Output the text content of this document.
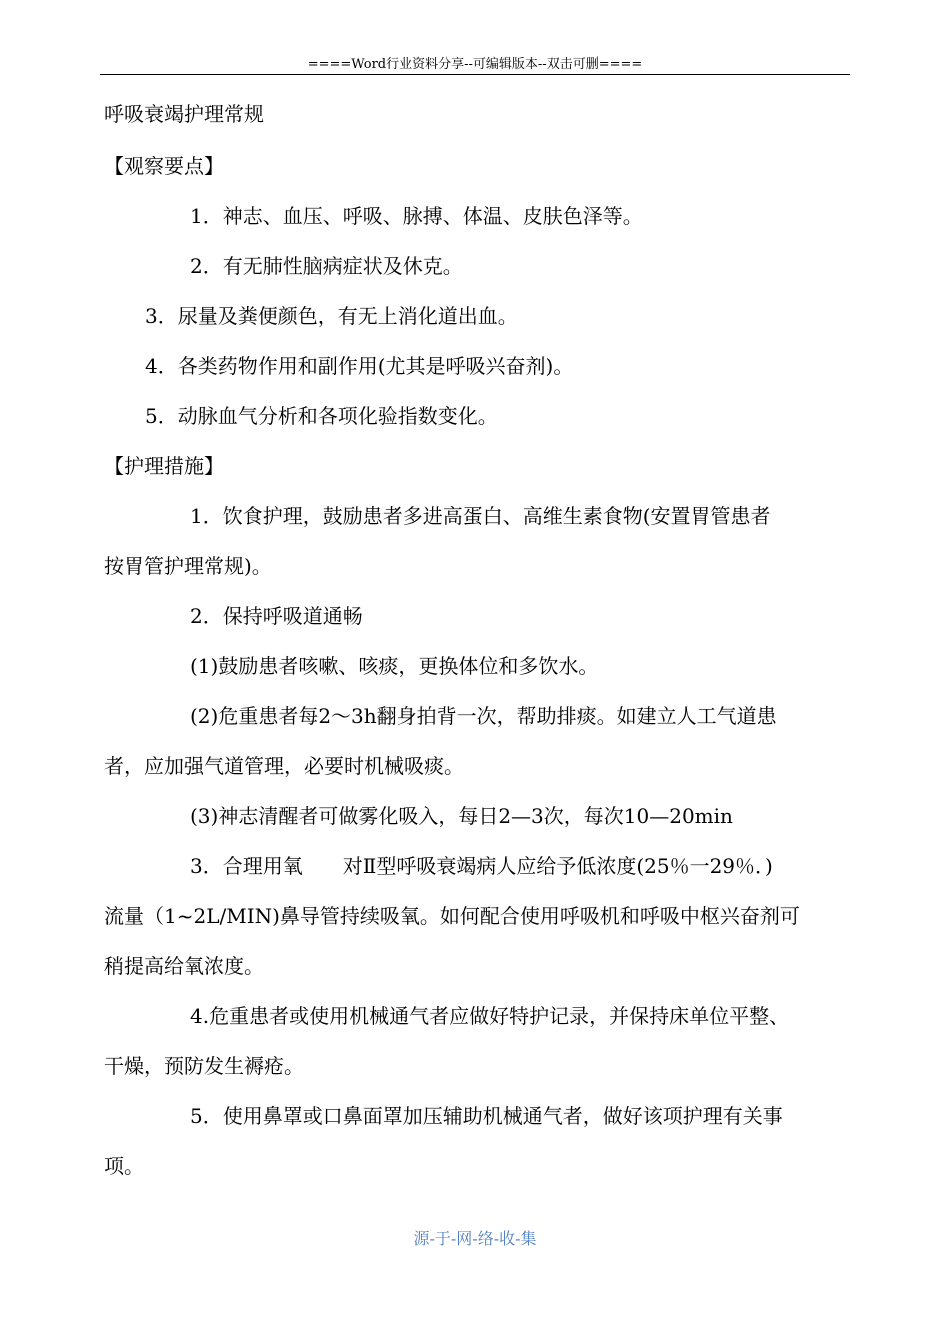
====Word行业资料分享--可编辑版本--双击可删====
呼吸衰竭护理常规
【观察要点】
1．神志、血压、呼吸、脉搏、体温、皮肤色泽等。
2．有无肺性脑病症状及休克。
3．尿量及粪便颜色，有无上消化道出血。
4．各类药物作用和副作用(尤其是呼吸兴奋剂)。
5．动脉血气分析和各项化验指数变化。
【护理措施】
1．饮食护理，鼓励患者多进高蛋白、高维生素食物(安置胃管患者
按胃管护理常规)。
2．保持呼吸道通畅
(1)鼓励患者咳嗽、咳痰，更换体位和多饮水。
(2)危重患者每2～3h翻身拍背一次，帮助排痰。如建立人工气道患
者，应加强气道管理，必要时机械吸痰。
(3)神志清醒者可做雾化吸入，每日2—3次，每次10—20min
3．合理用氧　　对Ⅱ型呼吸衰竭病人应给予低浓度(25％一29％．)
流量（1~2L/MIN)鼻导管持续吸氧。如何配合使用呼吸机和呼吸中枢兴奋剂可
稍提高给氧浓度。
4.危重患者或使用机械通气者应做好特护记录，并保持床单位平整、
干燥，预防发生褥疮。
5．使用鼻罩或口鼻面罩加压辅助机械通气者，做好该项护理有关事
项。
源-于-网-络-收-集
